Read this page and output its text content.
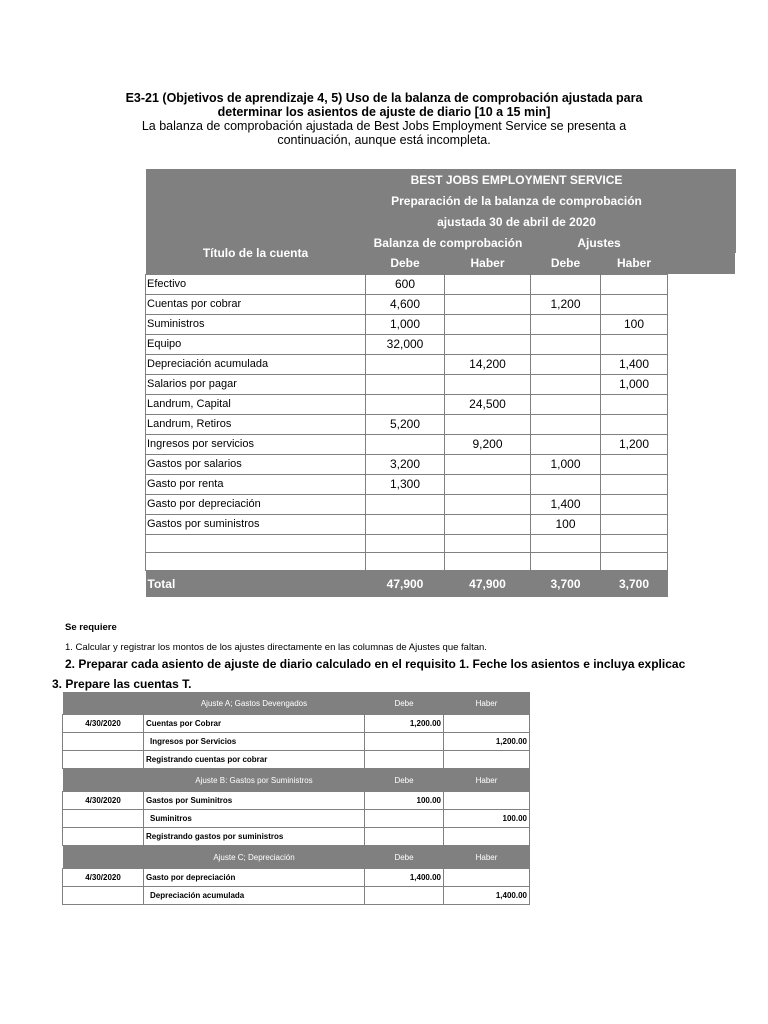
E3-21 (Objetivos de aprendizaje 4, 5) Uso de la balanza de comprobación ajustada para
determinar los asientos de ajuste de diario [10 a 15 min]
La balanza de comprobación ajustada de Best Jobs Employment Service se presenta a
continuación, aunque está incompleta.
	BEST JOBS EMPLOYMENT SERVICE				
	Preparación de la balanza de comprobación				
	ajustada 30 de abril de 2020				
Título de la cuenta	Balanza de comprobación		Ajustes		
	Debe	Haber	Debe	Haber	
Efectivo	600				
Cuentas por cobrar	4,600		1,200		
Suministros	1,000			100	
Equipo	32,000				
Depreciación acumulada		14,200		1,400	
Salarios por pagar				1,000	
Landrum, Capital		24,500			
Landrum, Retiros	5,200				
Ingresos por servicios		9,200		1,200	
Gastos por salarios	3,200		1,000		
Gasto por renta	1,300				
Gasto por depreciación			1,400		
Gastos por suministros			100		

Total	47,900	47,900	3,700	3,700	
Se requiere
1. Calcular y registrar los montos de los ajustes directamente en las columnas de Ajustes que faltan.
2. Preparar cada asiento de ajuste de diario calculado en el requisito 1. Feche los asientos e incluya explicac
3. Prepare las cuentas T.
	Ajuste A; Gastos Devengados	Debe	Haber
4/30/2020	Cuentas por Cobrar	1,200.00	
	Ingresos por Servicios		1,200.00
	Registrando cuentas por cobrar		
	Ajuste B: Gastos por Suministros	Debe	Haber
4/30/2020	Gastos por Suminitros	100.00	
	Suminitros		100.00
	Registrando gastos por suministros		
	Ajuste C; Depreciación	Debe	Haber
4/30/2020	Gasto por depreciación	1,400.00	
	Depreciación acumulada		1,400.00
